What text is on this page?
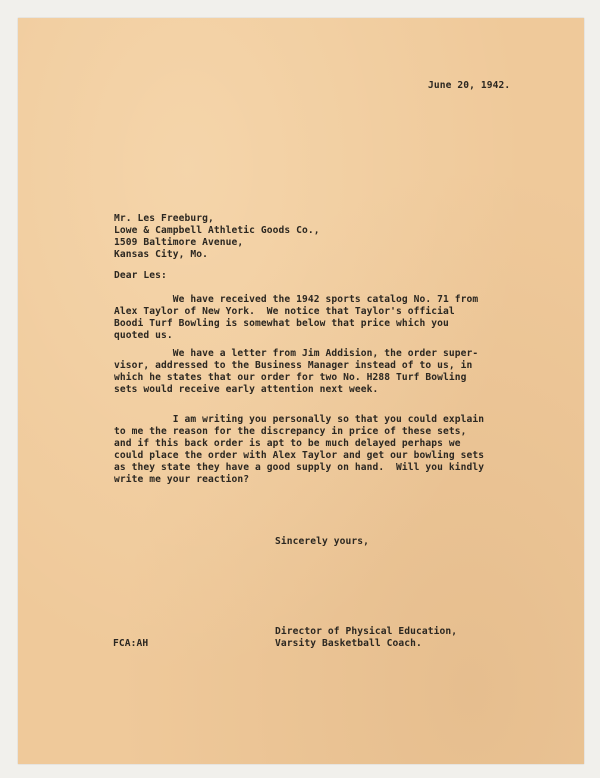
June 20, 1942.
Mr. Les Freeburg,
Lowe & Campbell Athletic Goods Co.,
1509 Baltimore Avenue,
Kansas City, Mo.
Dear Les:
We have received the 1942 sports catalog No. 71 from
Alex Taylor of New York.  We notice that Taylor's official
Boodi Turf Bowling is somewhat below that price which you
quoted us.
We have a letter from Jim Addision, the order super-
visor, addressed to the Business Manager instead of to us, in
which he states that our order for two No. H288 Turf Bowling
sets would receive early attention next week.
I am writing you personally so that you could explain
to me the reason for the discrepancy in price of these sets,
and if this back order is apt to be much delayed perhaps we
could place the order with Alex Taylor and get our bowling sets
as they state they have a good supply on hand.  Will you kindly
write me your reaction?
Sincerely yours,
Director of Physical Education,
Varsity Basketball Coach.
FCA:AH
